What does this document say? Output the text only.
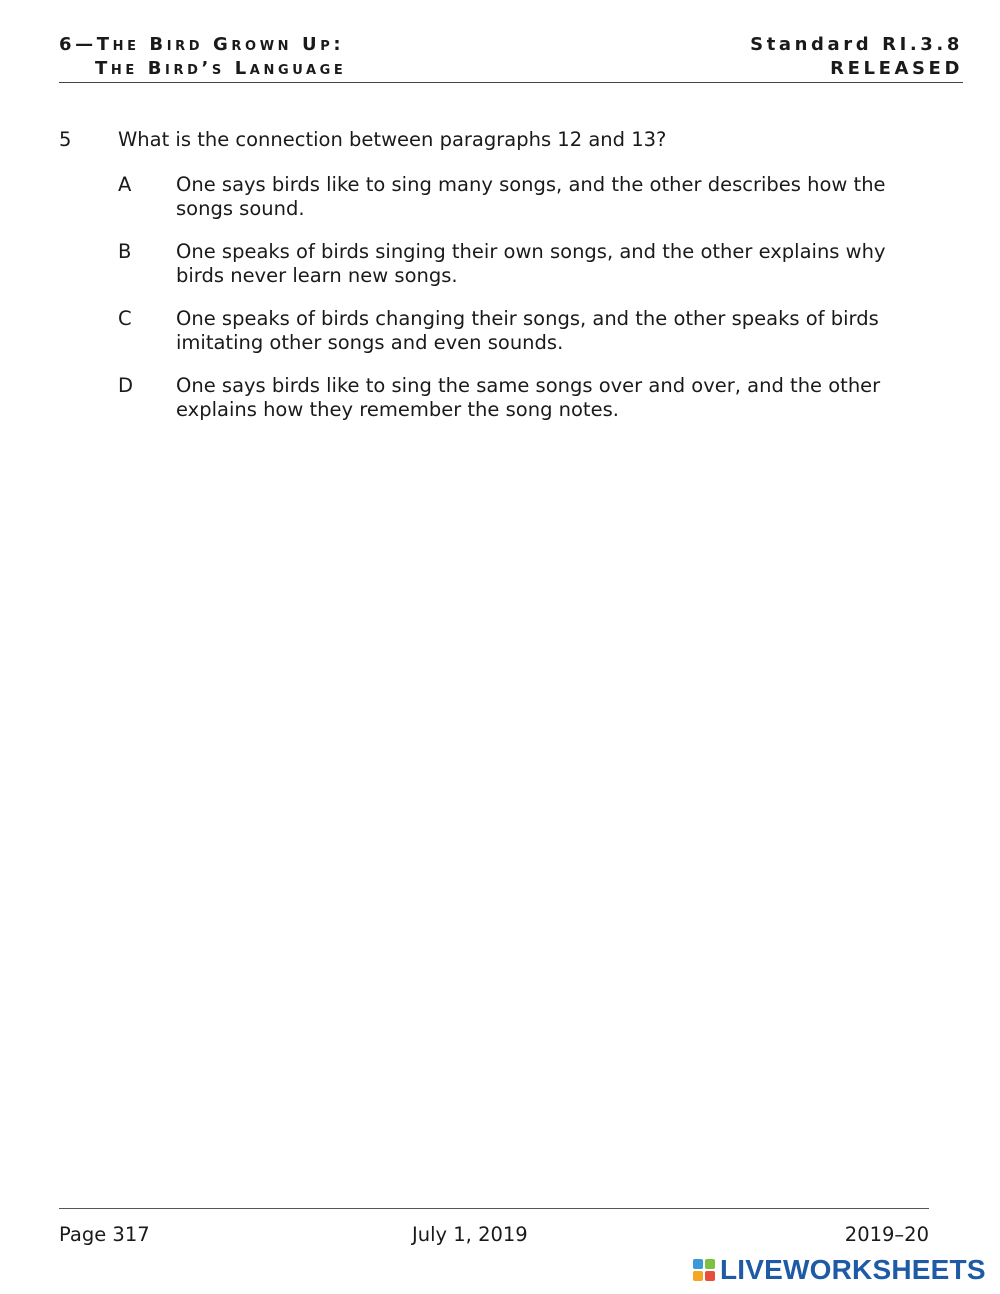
6—The Bird Grown Up:
The Bird’s Language
Standard RI.3.8
RELEASED
5 What is the connection between paragraphs 12 and 13?
A One says birds like to sing many songs, and the other describes how the songs sound.
B One speaks of birds singing their own songs, and the other explains why birds never learn new songs.
C One speaks of birds changing their songs, and the other speaks of birds imitating other songs and even sounds.
D One says birds like to sing the same songs over and over, and the other explains how they remember the song notes.
Page 317	July 1, 2019	2019–20
LIVEWORKSHEETS
